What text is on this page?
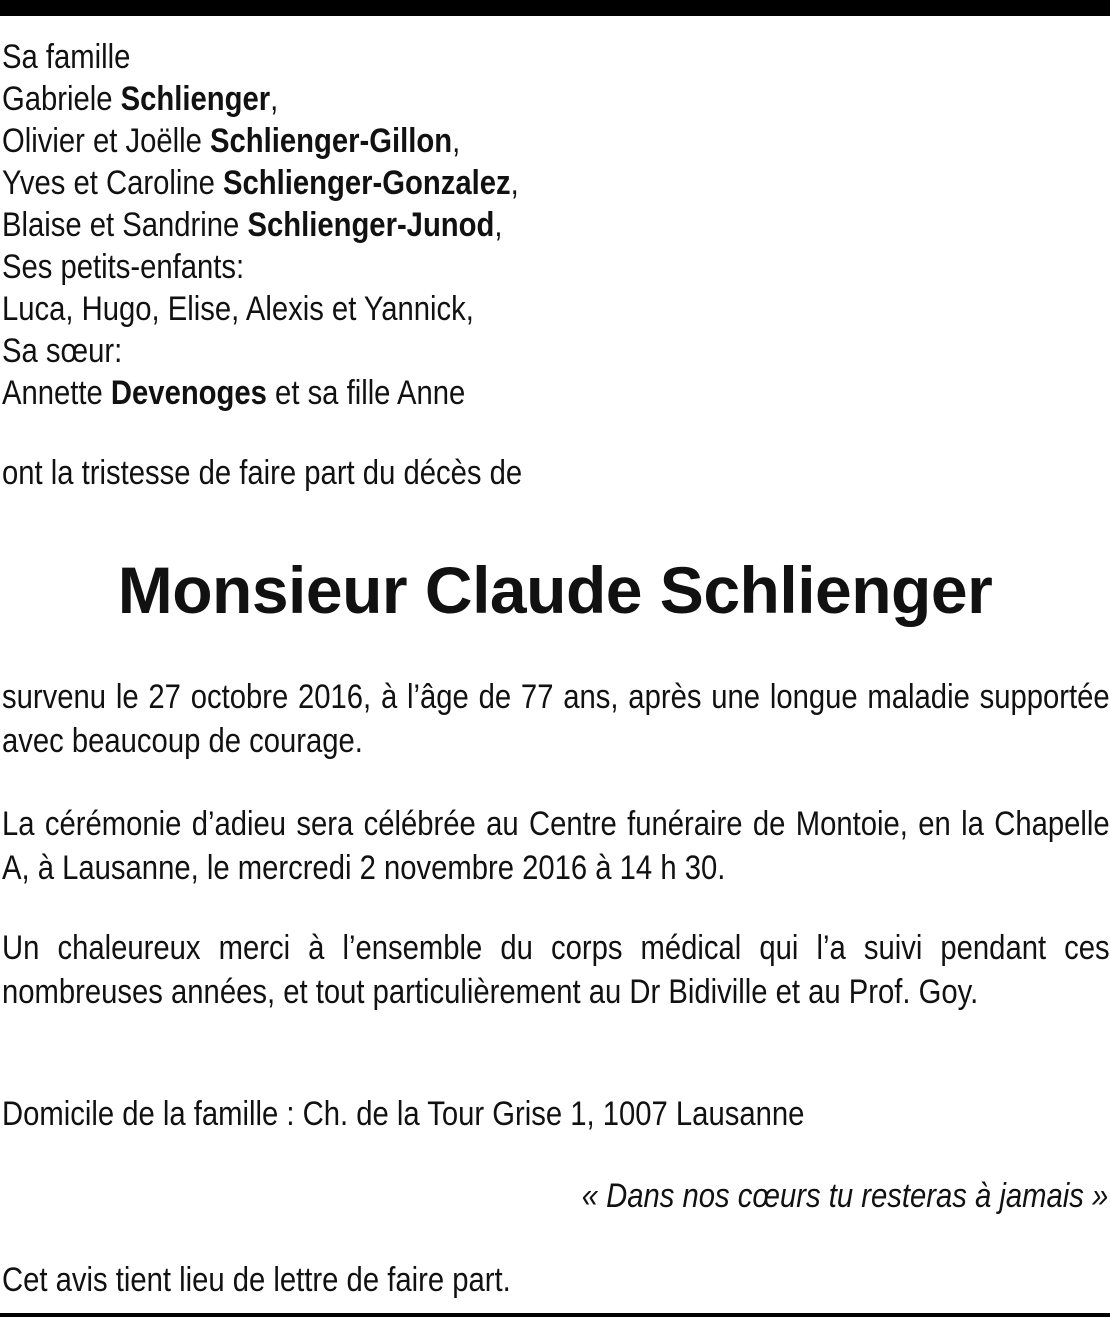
Sa famille
Gabriele Schlienger,
Olivier et Joëlle Schlienger-Gillon,
Yves et Caroline Schlienger-Gonzalez,
Blaise et Sandrine Schlienger-Junod,
Ses petits-enfants:
Luca, Hugo, Elise, Alexis et Yannick,
Sa sœur:
Annette Devenoges et sa fille Anne
ont la tristesse de faire part du décès de
Monsieur Claude Schlienger
survenu le 27 octobre 2016, à l’âge de 77 ans, après une longue maladie supportée avec beaucoup de courage.
La cérémonie d’adieu sera célébrée au Centre funéraire de Montoie, en la Chapelle A, à Lausanne, le mercredi 2 novembre 2016 à 14 h 30.
Un chaleureux merci à l’ensemble du corps médical qui l’a suivi pendant ces nombreuses années, et tout particulièrement au Dr Bidiville et au Prof. Goy.
Domicile de la famille : Ch. de la Tour Grise 1, 1007 Lausanne
« Dans nos cœurs tu resteras à jamais »
Cet avis tient lieu de lettre de faire part.
